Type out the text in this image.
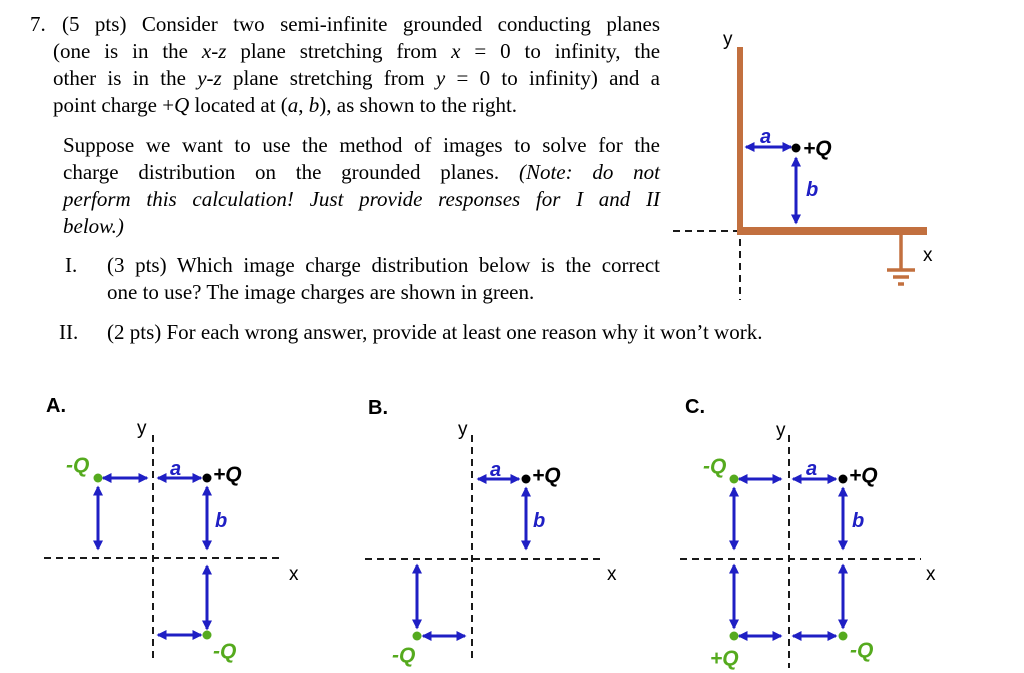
7. (5 pts) Consider two semi-infinite grounded conducting planes
(one is in the x-z plane stretching from x = 0 to infinity, the
other is in the y-z plane stretching from y = 0 to infinity) and a
point charge +Q located at (a, b), as shown to the right.
Suppose we want to use the method of images to solve for the
charge distribution on the grounded planes. (Note: do not
perform this calculation! Just provide responses for I and II
below.)
I. (3 pts) Which image charge distribution below is the correct
one to use? The image charges are shown in green.
II. (2 pts) For each wrong answer, provide at least one reason why it won’t work.
y
x
a
b
+Q
A.
y
x
-Q	+Q
a
b
-Q
B.
y
x
+Q
a
b
-Q
C.
y
x
-Q	+Q
a
b
+Q	-Q
